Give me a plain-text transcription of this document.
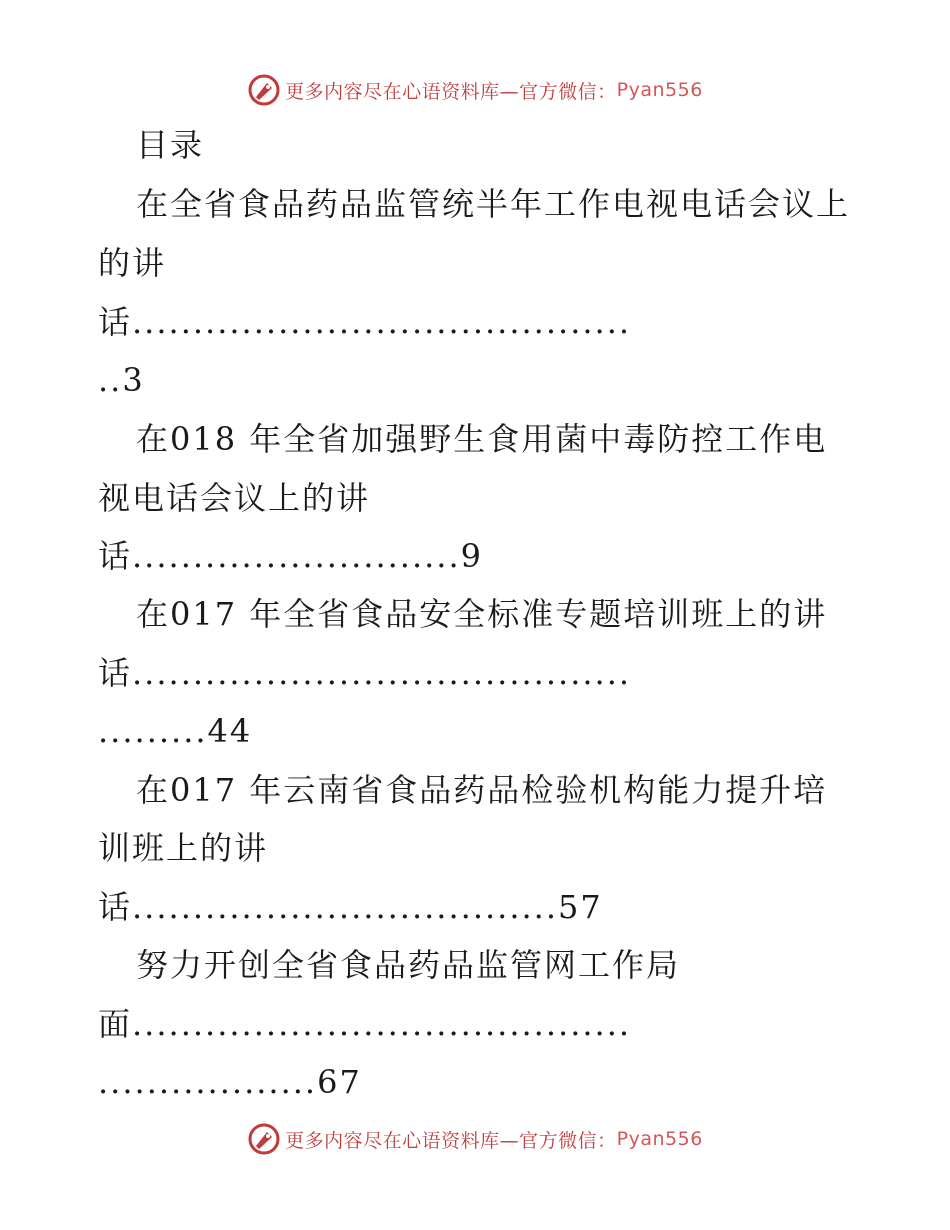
更多内容尽在心语资料库—官方微信： Pyan556
目录
在全省食品药品监管统半年工作电视电话会议上
的讲
话.........................................
..3
在018 年全省加强野生食用菌中毒防控工作电
视电话会议上的讲
话...........................9
在017 年全省食品安全标准专题培训班上的讲
话.........................................
.........44
在017 年云南省食品药品检验机构能力提升培
训班上的讲
话...................................57
努力开创全省食品药品监管网工作局
面.........................................
..................67
更多内容尽在心语资料库—官方微信： Pyan556
